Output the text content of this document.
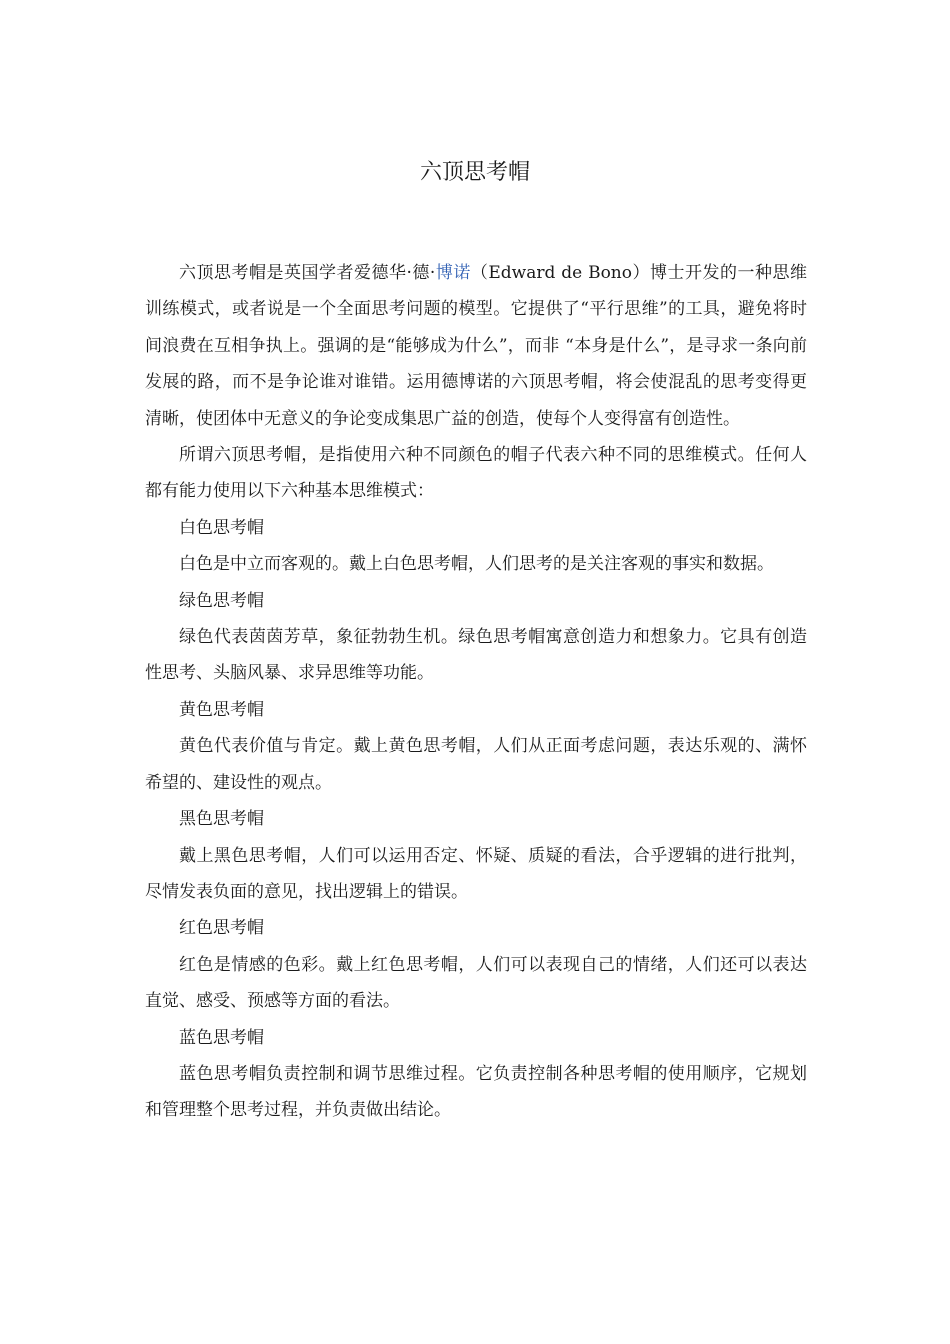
六顶思考帽

六顶思考帽是英国学者爱德华·德·博诺（Edward de Bono）博士开发的一种思维训练模式，或者说是一个全面思考问题的模型。它提供了“平行思维”的工具，避免将时间浪费在互相争执上。强调的是“能够成为什么”，而非 “本身是什么”，是寻求一条向前发展的路，而不是争论谁对谁错。运用德博诺的六顶思考帽，将会使混乱的思考变得更清晰，使团体中无意义的争论变成集思广益的创造，使每个人变得富有创造性。

所谓六顶思考帽，是指使用六种不同颜色的帽子代表六种不同的思维模式。任何人都有能力使用以下六种基本思维模式：

白色思考帽

白色是中立而客观的。戴上白色思考帽，人们思考的是关注客观的事实和数据。

绿色思考帽

绿色代表茵茵芳草，象征勃勃生机。绿色思考帽寓意创造力和想象力。它具有创造性思考、头脑风暴、求异思维等功能。

黄色思考帽

黄色代表价值与肯定。戴上黄色思考帽，人们从正面考虑问题，表达乐观的、满怀希望的、建设性的观点。

黑色思考帽

戴上黑色思考帽，人们可以运用否定、怀疑、质疑的看法，合乎逻辑的进行批判，尽情发表负面的意见，找出逻辑上的错误。

红色思考帽

红色是情感的色彩。戴上红色思考帽，人们可以表现自己的情绪，人们还可以表达直觉、感受、预感等方面的看法。

蓝色思考帽

蓝色思考帽负责控制和调节思维过程。它负责控制各种思考帽的使用顺序，它规划和管理整个思考过程，并负责做出结论。
